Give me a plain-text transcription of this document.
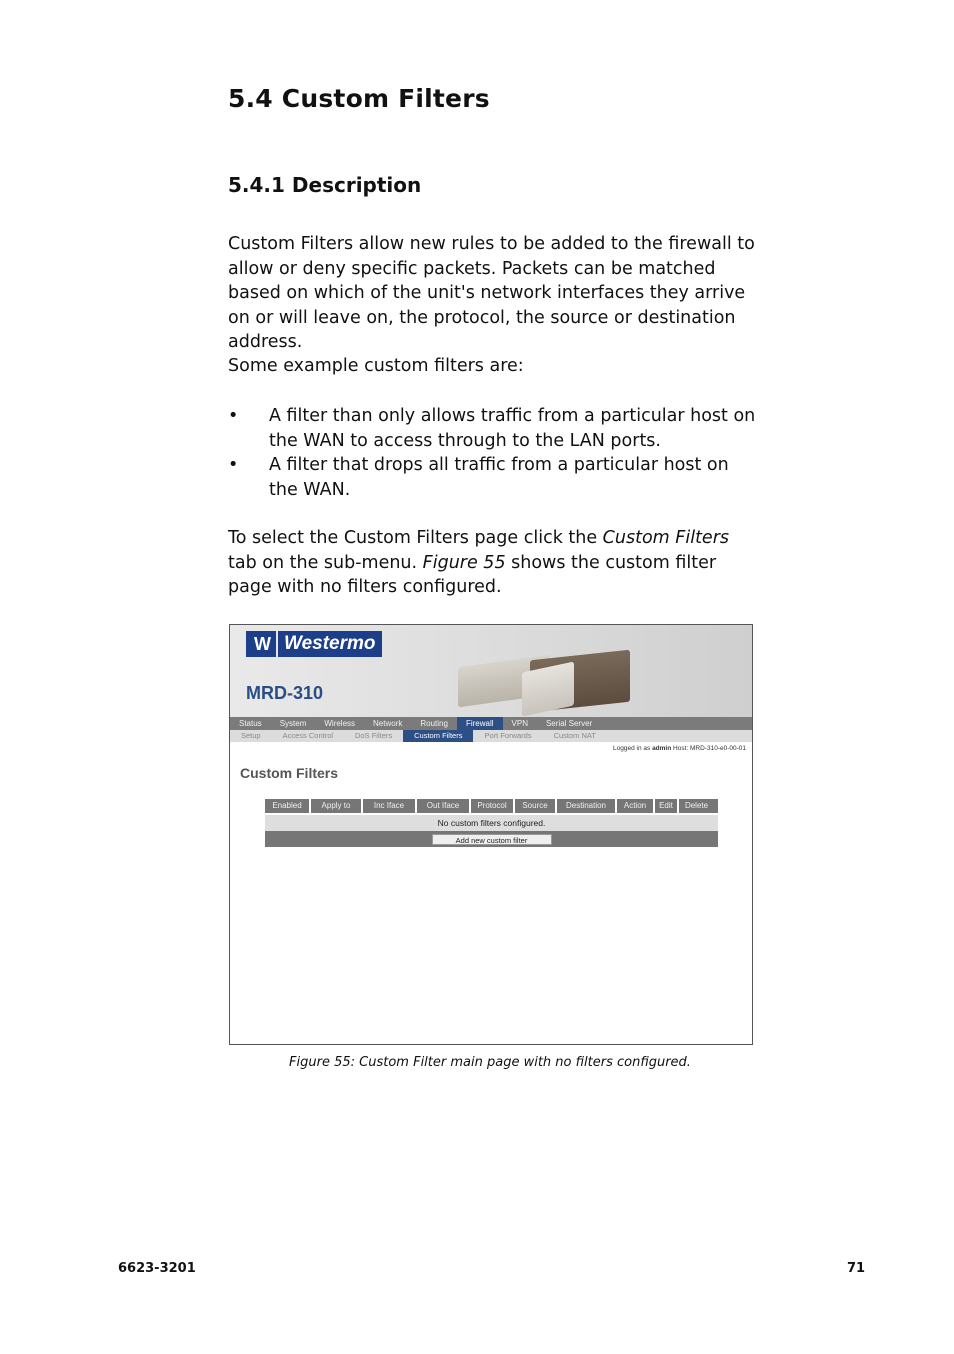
5.4 Custom Filters
5.4.1 Description

Custom Filters allow new rules to be added to the firewall to allow or deny specific packets. Packets can be matched based on which of the unit's network interfaces they arrive on or will leave on, the protocol, the source or destination address.

Some example custom filters are:

• A filter than only allows traffic from a particular host on the WAN to access through to the LAN ports.
• A filter that drops all traffic from a particular host on the WAN.

To select the Custom Filters page click the Custom Filters tab on the sub-menu. Figure 55 shows the custom filter page with no filters configured.

W Westermo
MRD-310
Status	System	Wireless	Network	Routing	Firewall	VPN	Serial Server
Setup	Access Control	DoS Filters	Custom Filters	Port Forwards	Custom NAT
Logged in as admin Host: MRD-310-e0-00-01
Custom Filters
Enabled	Apply to	Inc Iface	Out Iface	Protocol	Source	Destination	Action	Edit	Delete
No custom filters configured.
Add new custom filter
Figure 55: Custom Filter main page with no filters configured.
6623-3201	71
